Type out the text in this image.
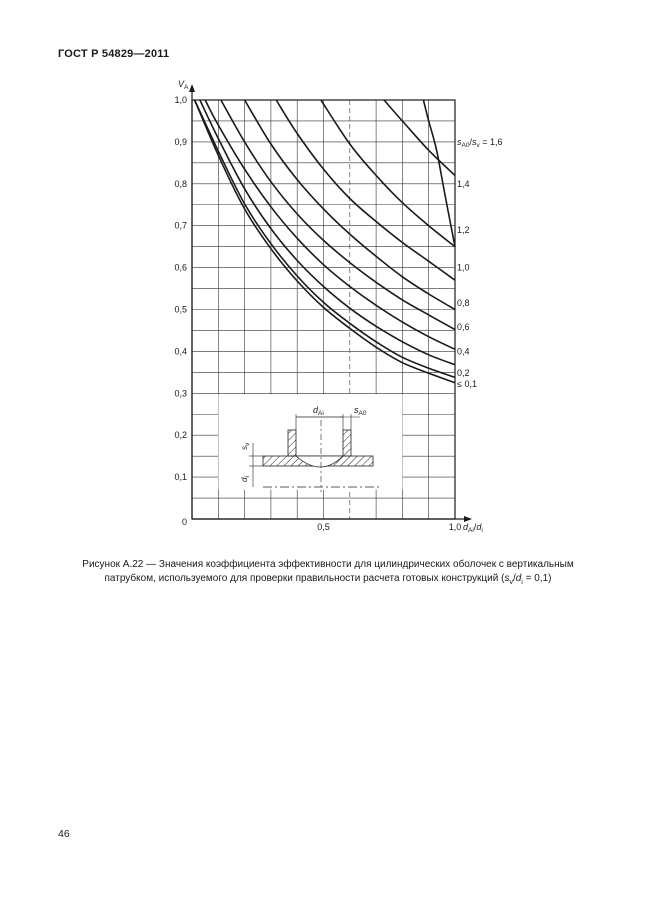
ГОСТ Р 54829—2011
$d_{Ai}$	$s_{A0}$
$s_v$
$d_i$
0,1
0,2
0,3
0,4
0,5
0,6
0,7
0,8
0,9
1,0
0,5	1,0
0
$V_A$
$d_{Ai}/d_i$
$s_{A0}/s_v = 1,6$
≤ 0,1
0,2
0,4
0,6
0,8
1,0
1,2
1,4
Рисунок А.22 — Значения коэффициента эффективности для цилиндрических оболочек с вертикальным
патрубком, используемого для проверки правильности расчета готовых конструкций $(s_v/d_i = 0,1)$
46
